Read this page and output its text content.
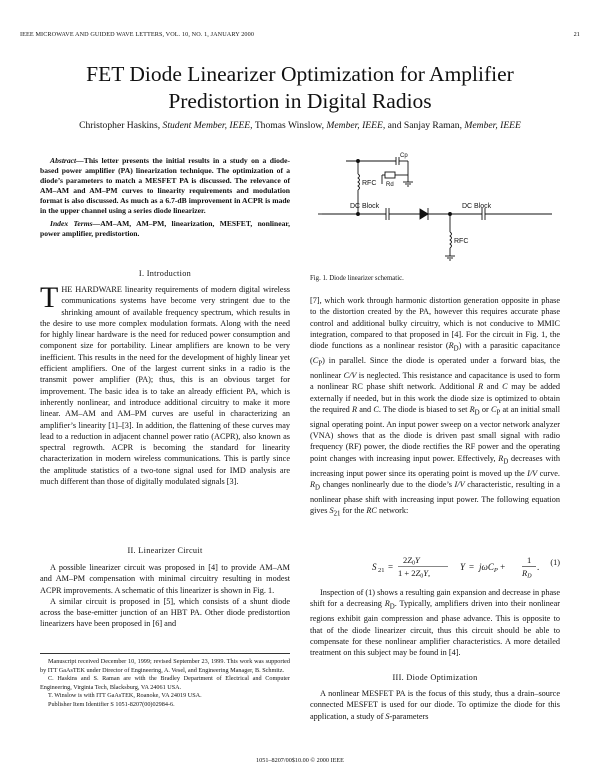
IEEE MICROWAVE AND GUIDED WAVE LETTERS, VOL. 10, NO. 1, JANUARY 2000	21
FET Diode Linearizer Optimization for Amplifier
Predistortion in Digital Radios
Christopher Haskins, Student Member, IEEE, Thomas Winslow, Member, IEEE, and Sanjay Raman, Member, IEEE

Abstract—This letter presents the initial results in a study on a diode-based power amplifier (PA) linearization technique. The optimization of a diode’s parameters to match a MESFET PA is discussed. The relevance of AM–AM and AM–PM curves to linearity requirements and modulation format is also discussed. As much as a 6.7-dB improvement in ACPR is made in the upper channel using a series diode linearizer.

Index Terms—AM–AM, AM–PM, linearization, MESFET, nonlinear, power amplifier, predistortion.

I. Introduction

THE HARDWARE linearity requirements of modern digital wireless communications systems have become very stringent due to the shrinking amount of available frequency spectrum, which results in the desire to use more complex modulation formats. Along with the need for highly linear hardware is the need for reduced power consumption and component size for portability. Linear amplifiers are known to be very inefficient. This results in the need for the development of highly linear yet efficient amplifiers. One of the largest current sinks in a radio is the transmit power amplifier (PA); thus, this is an obvious target for improvement. The basic idea is to take an already efficient PA, which is inherently nonlinear, and introduce additional circuitry to make it more linear. AM–AM and AM–PM curves are useful in characterizing an amplifier’s linearity [1]–[3]. In addition, the flattening of these curves may lead to a reduction in adjacent channel power ratio (ACPR), also known as spectral regrowth. ACPR is becoming the standard for linearity characterization in modern wireless communications. This is partly since the amplitude statistics of a two-tone signal used for IMD analysis are much different than those of digitally modulated signals [3].

II. Linearizer Circuit

A possible linearizer circuit was proposed in [4] to provide AM–AM and AM–PM compensation with minimal circuitry resulting in modest ACPR improvements. A schematic of this linearizer is shown in Fig. 1.

A similar circuit is proposed in [5], which consists of a shunt diode across the base-emitter junction of an HBT PA. Other diode predistortion linearizers have been proposed in [6] and

Manuscript received December 10, 1999; revised September 23, 1999. This work was supported by ITT GaAsTEK under Director of Engineering, A. Vesel, and Engineering Manager, B. Schmitz.

C. Haskins and S. Raman are with the Bradley Department of Electrical and Computer Engineering, Virginia Tech, Blacksburg, VA 24061 USA.

T. Winslow is with ITT GaAsTEK, Roanoke, VA 24019 USA.

Publisher Item Identifier S 1051-8207(00)02984-6.

DC Block	DC Block
RFC
RFC
Cp
Rd
Fig. 1. Diode linearizer schematic.

[7], which work through harmonic distortion generation opposite in phase to the distortion created by the PA, however this requires accurate phase control and additional bulky circuitry, which is not conducive to MMIC integration, compared to that proposed in [4]. For the circuit in Fig. 1, the diode functions as a nonlinear resistor $(R_D)$ with a parasitic capacitance $(C_P)$ in parallel. Since the diode is operated under a forward bias, the nonlinear C/V is neglected. This resistance and capacitance is used to form a nonlinear RC phase shift network. Additional R and C may be added externally if needed, but in this work the diode size is optimized to obtain the required R and C. The diode is biased to set $R_D$ or $C_P$ at an initial small signal operating point. An input power sweep on a vector network analyzer (VNA) shows that as the diode is driven past small signal with radio frequency (RF) power, the diode rectifies the RF power and the operating point changes with increasing input power. Effectively, $R_D$ decreases with increasing input power since its operating point is moved up the I/V curve. $R_D$ changes nonlinearly due to the diode’s I/V characteristic, resulting in a nonlinear phase shift with increasing input power. The following equation gives $S_{21}$ for the RC network:

S 21 =
2Z0Y
1 + 2Z0Y,
Y = jωC$_P$ +
1
RD
.	(1)

Inspection of (1) shows a resulting gain expansion and decrease in phase shift for a decreasing $R_D$. Typically, amplifiers driven into their nonlinear regions exhibit gain compression and phase advance. This is opposite to that of the diode linearizer circuit, thus this circuit should be able to compensate for these nonlinear amplifier characteristics. A more detailed treatment on this subject may be found in [4].

III. Diode Optimization

A nonlinear MESFET PA is the focus of this study, thus a drain–source connected MESFET is used for our diode. To optimize the diode for this application, a study of S-parameters

1051–8207/00$10.00 © 2000 IEEE
